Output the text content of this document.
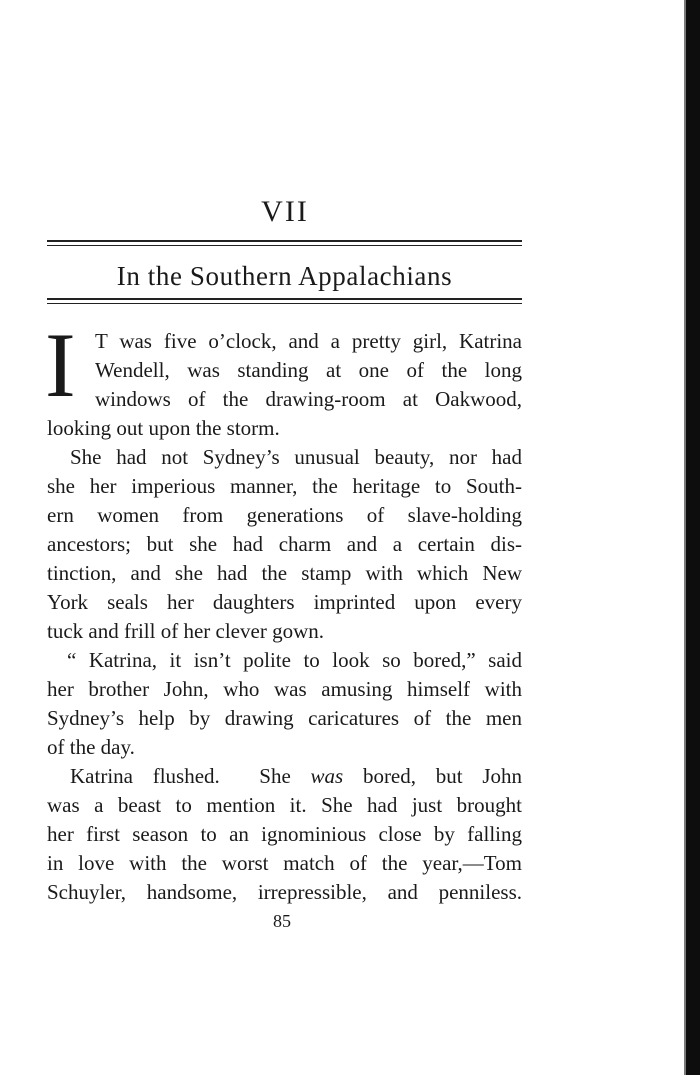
VII
In the Southern Appalachians
I T was five o’clock, and a pretty girl, Katrina
Wendell, was standing at one of the long
windows of the drawing-room at Oakwood,
looking out upon the storm.
She had not Sydney’s unusual beauty, nor had
she her imperious manner, the heritage to South-
ern women from generations of slave-holding
ancestors; but she had charm and a certain dis-
tinction, and she had the stamp with which New
York seals her daughters imprinted upon every
tuck and frill of her clever gown.
“ Katrina, it isn’t polite to look so bored,” said
her brother John, who was amusing himself with
Sydney’s help by drawing caricatures of the men
of the day.
Katrina flushed.  She was bored, but John
was a beast to mention it. She had just brought
her first season to an ignominious close by falling
in love with the worst match of the year,—Tom
Schuyler, handsome, irrepressible, and penniless.
85
